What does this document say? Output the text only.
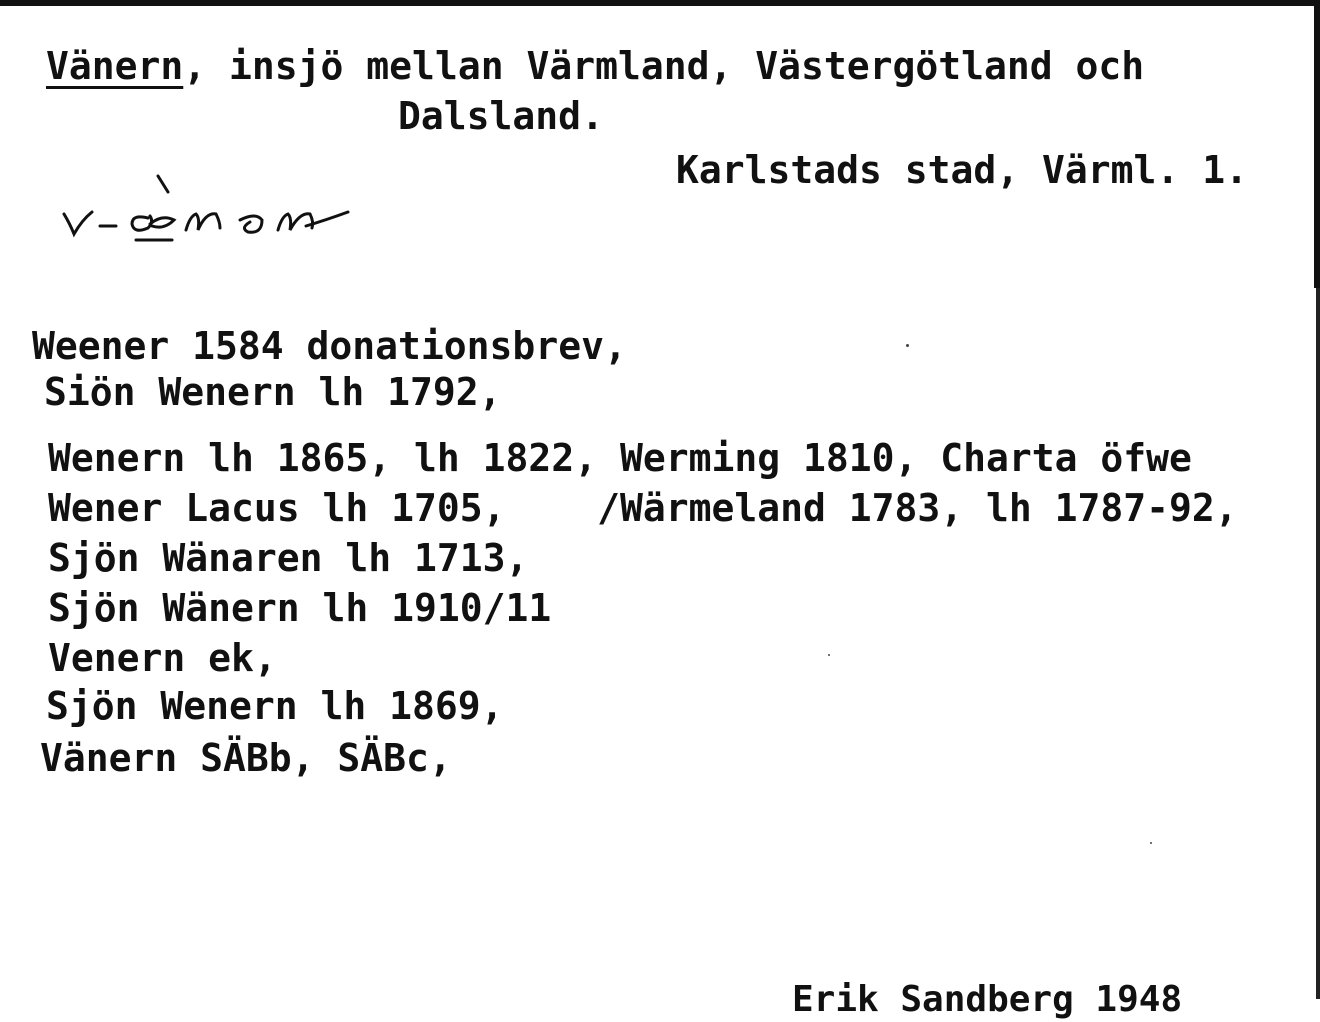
Vänern, insjö mellan Värmland, Västergötland och
Dalsland.
Karlstads stad, Värml. 1.
Weener 1584 donationsbrev,
Siön Wenern lh 1792,
Wenern lh 1865, lh 1822, Werming 1810, Charta öfwe
Wener Lacus lh 1705,    /Wärmeland 1783, lh 1787-92,
Sjön Wänaren lh 1713,
Sjön Wänern lh 1910/11
Venern ek,
Sjön Wenern lh 1869,
Vänern SÄBb, SÄBc,
Erik Sandberg 1948
